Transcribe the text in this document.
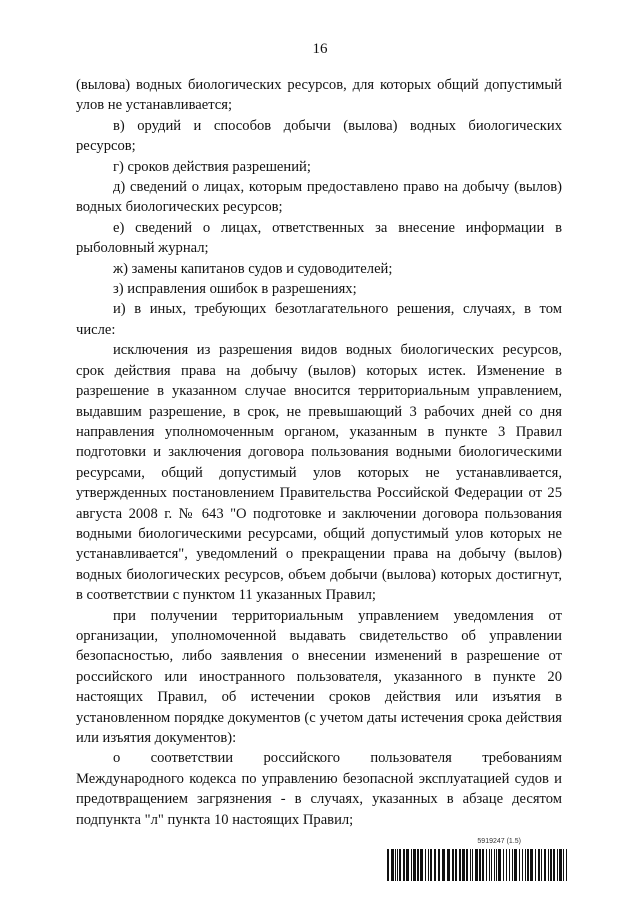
16

(вылова) водных биологических ресурсов, для которых общий допустимый улов не устанавливается;

в) орудий и способов добычи (вылова) водных биологических ресурсов;

г) сроков действия разрешений;

д) сведений о лицах, которым предоставлено право на добычу (вылов) водных биологических ресурсов;

е) сведений о лицах, ответственных за внесение информации в рыболовный журнал;

ж) замены капитанов судов и судоводителей;

з) исправления ошибок в разрешениях;

и) в иных, требующих безотлагательного решения, случаях, в том числе:

исключения из разрешения видов водных биологических ресурсов, срок действия права на добычу (вылов) которых истек. Изменение в разрешение в указанном случае вносится территориальным управлением, выдавшим разрешение, в срок, не превышающий 3 рабочих дней со дня направления уполномоченным органом, указанным в пункте 3 Правил подготовки и заключения договора пользования водными биологическими ресурсами, общий допустимый улов которых не устанавливается, утвержденных постановлением Правительства Российской Федерации от 25 августа 2008 г. № 643 "О подготовке и заключении договора пользования водными биологическими ресурсами, общий допустимый улов которых не устанавливается", уведомлений о прекращении права на добычу (вылов) водных биологических ресурсов, объем добычи (вылова) которых достигнут, в соответствии с пунктом 11 указанных Правил;

при получении территориальным управлением уведомления от организации, уполномоченной выдавать свидетельство об управлении безопасностью, либо заявления о внесении изменений в разрешение от российского или иностранного пользователя, указанного в пункте 20 настоящих Правил, об истечении сроков действия или изъятия в установленном порядке документов (с учетом даты истечения срока действия или изъятия документов):

о соответствии российского пользователя требованиям Международного кодекса по управлению безопасной эксплуатацией судов и предотвращением загрязнения - в случаях, указанных в абзаце десятом подпункта "л" пункта 10 настоящих Правил;

5919247 (1.5)
